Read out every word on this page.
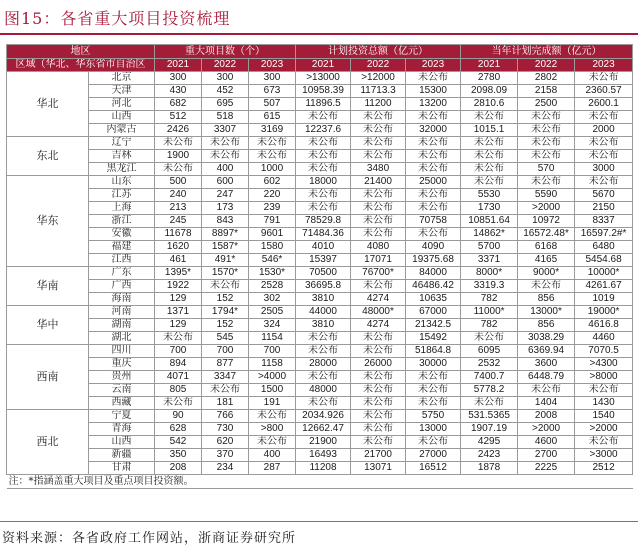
图15：各省重大项目投资梳理
地区		重大项目数（个）			计划投资总额（亿元）			当年计划完成额（亿元）		
区域（华北、华东省市自治区		2021	2022	2023	2021	2022	2023	2021	2022	2023
华北	北京	300	300	300	>13000	>12000	未公布	2780	2802	未公布
	天津	430	452	673	10958.39	11713.3	15300	2098.09	2158	2360.57
	河北	682	695	507	11896.5	11200	13200	2810.6	2500	2600.1
	山西	512	518	615	未公布	未公布	未公布	未公布	未公布	未公布
	内蒙古	2426	3307	3169	12237.6	未公布	32000	1015.1	未公布	2000
东北	辽宁	未公布	未公布	未公布	未公布	未公布	未公布	未公布	未公布	未公布
	吉林	1900	未公布	未公布	未公布	未公布	未公布	未公布	未公布	未公布
	黑龙江	未公布	400	1000	未公布	3480	未公布	未公布	570	3000
华东	山东	500	600	602	18000	21400	25000	未公布	未公布	未公布
	江苏	240	247	220	未公布	未公布	未公布	5530	5590	5670
	上海	213	173	239	未公布	未公布	未公布	1730	>2000	2150
	浙江	245	843	791	78529.8	未公布	70758	10851.64	10972	8337
	安徽	11678	8897*	9601	71484.36	未公布	未公布	14862*	16572.48*	16597.2#*
	福建	1620	1587*	1580	4010	4080	4090	5700	6168	6480
	江西	461	491*	546*	15397	17071	19375.68	3371	4165	5454.68
华南	广东	1395*	1570*	1530*	70500	76700*	84000	8000*	9000*	10000*
	广西	1922	未公布	2528	36695.8	未公布	46486.42	3319.3	未公布	4261.67
	海南	129	152	302	3810	4274	10635	782	856	1019
华中	河南	1371	1794*	2505	44000	48000*	67000	11000*	13000*	19000*
	湖南	129	152	324	3810	4274	21342.5	782	856	4616.8
	湖北	未公布	545	1154	未公布	未公布	15492	未公布	3038.29	4460
西南	四川	700	700	700	未公布	未公布	51864.8	6095	6369.94	7070.5
	重庆	894	877	1158	28000	26000	30000	2532	3600	>4300
	贵州	4071	3347	>4000	未公布	未公布	未公布	7400.7	6448.79	>8000
	云南	805	未公布	1500	48000	未公布	未公布	5778.2	未公布	未公布
	西藏	未公布	181	191	未公布	未公布	未公布	未公布	1404	1430
西北	宁夏	90	766	未公布	2034.926	未公布	5750	531.5365	2008	1540
	青海	628	730	>800	12662.47	未公布	13000	1907.19	>2000	>2000
	山西	542	620	未公布	21900	未公布	未公布	4295	4600	未公布
	新疆	350	370	400	16493	21700	27000	2423	2700	>3000
	甘肃	208	234	287	11208	13071	16512	1878	2225	2512
注：*指涵盖重大项目及重点项目投资额。										
资料来源：各省政府工作网站，浙商证券研究所
